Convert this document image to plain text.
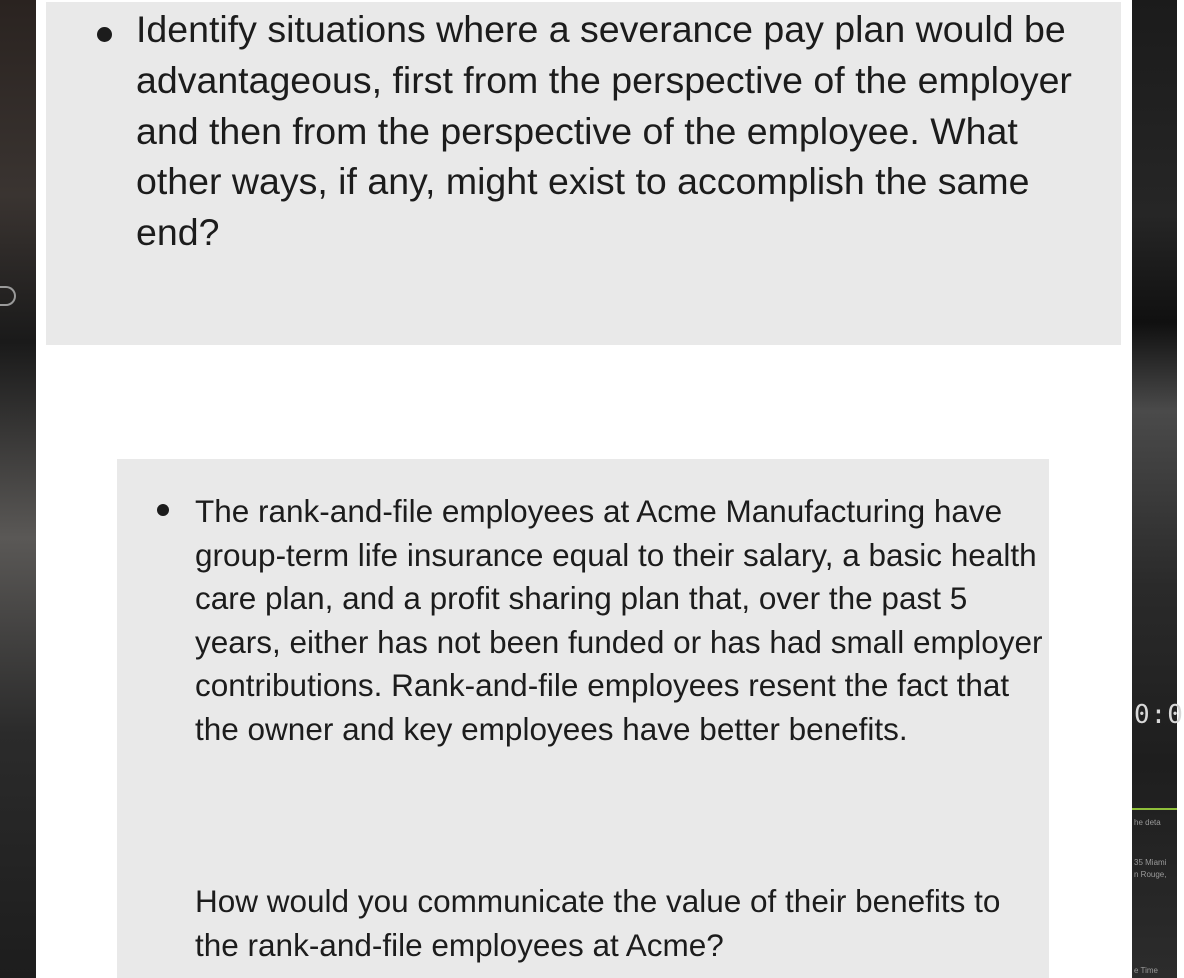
0:0
he deta
35 Miami
n Rouge,
e Time

Identify situations where a severance pay plan would be advantageous, first from the perspective of the employer and then from the perspective of the employee. What other ways, if any, might exist to accomplish the same end?

The rank-and-file employees at Acme Manufacturing have group-term life insurance equal to their salary, a basic health care plan, and a profit sharing plan that, over the past 5 years, either has not been funded or has had small employer contributions. Rank-and-file employees resent the fact that the owner and key employees have better benefits.

How would you communicate the value of their benefits to the rank-and-file employees at Acme?
